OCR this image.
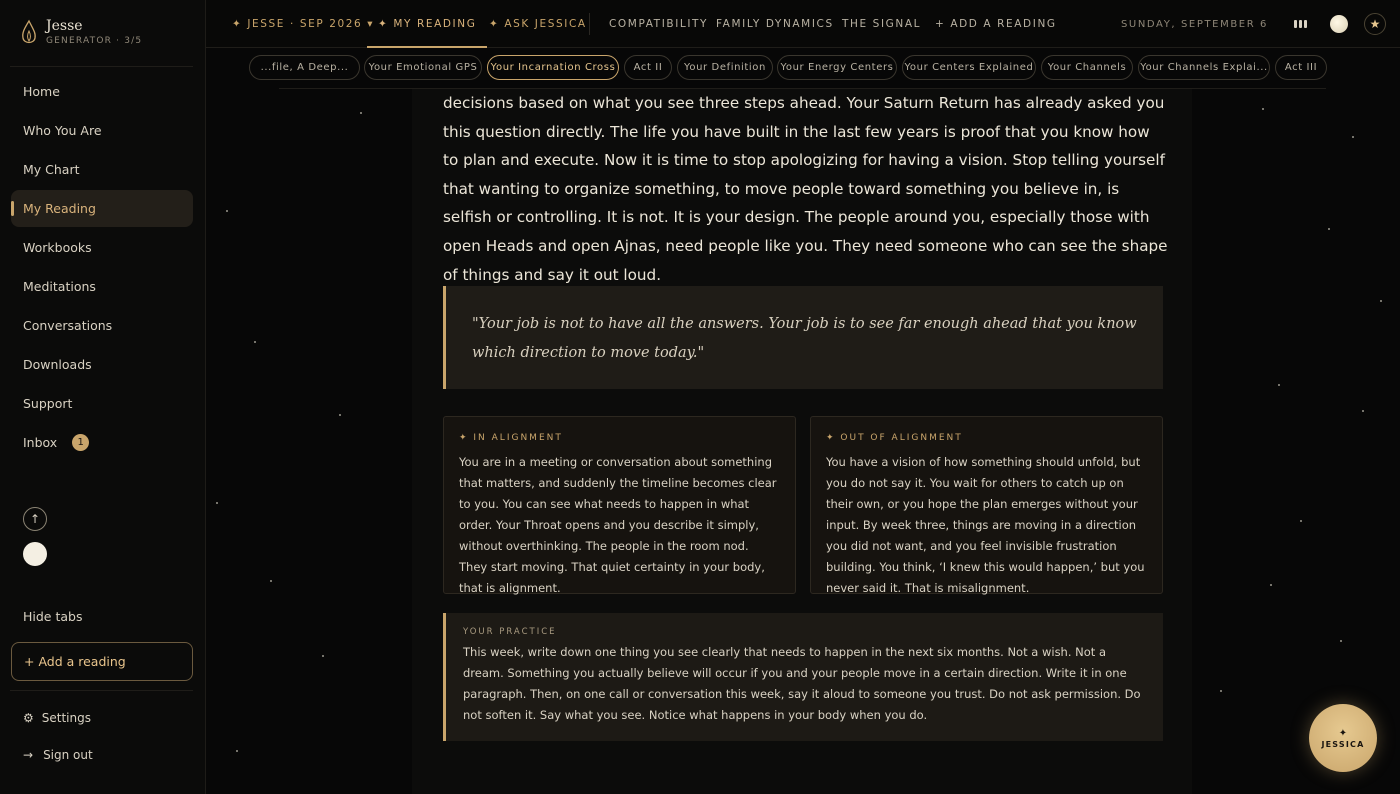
Jesse
GENERATOR · 3/5
Home
Who You Are
My Chart
My Reading
Workbooks
Meditations
Conversations
Downloads
Support
Inbox	1
↑
Hide tabs
+ Add a reading
⚙ Settings
→ Sign out
✦ JESSE · SEP 2026 ▾ ✦ MY READING ✦ ASK JESSICA COMPATIBILITY FAMILY DYNAMICS THE SIGNAL + ADD A READING	SUNDAY, SEPTEMBER 6	★
...file, A Deep...	Your Emotional GPS	Your Incarnation Cross	Act II	Your Definition	Your Energy Centers	Your Centers Explained	Your Channels	Your Channels Explai...	Act III

decisions based on what you see three steps ahead. Your Saturn Return has already asked you this question directly. The life you have built in the last few years is proof that you know how to plan and execute. Now it is time to stop apologizing for having a vision. Stop telling yourself that wanting to organize something, to move people toward something you believe in, is selfish or controlling. It is not. It is your design. The people around you, especially those with open Heads and open Ajnas, need people like you. They need someone who can see the shape of things and say it out loud.

"Your job is not to have all the answers. Your job is to see far enough ahead that you know which direction to move today."

✦ IN ALIGNMENT

You are in a meeting or conversation about something that matters, and suddenly the timeline becomes clear to you. You can see what needs to happen in what order. Your Throat opens and you describe it simply, without overthinking. The people in the room nod. They start moving. That quiet certainty in your body, that is alignment.

✦ OUT OF ALIGNMENT

You have a vision of how something should unfold, but you do not say it. You wait for others to catch up on their own, or you hope the plan emerges without your input. By week three, things are moving in a direction you did not want, and you feel invisible frustration building. You think, ‘I knew this would happen,’ but you never said it. That is misalignment.

YOUR PRACTICE

This week, write down one thing you see clearly that needs to happen in the next six months. Not a wish. Not a dream. Something you actually believe will occur if you and your people move in a certain direction. Write it in one paragraph. Then, on one call or conversation this week, say it aloud to someone you trust. Do not ask permission. Do not soften it. Say what you see. Notice what happens in your body when you do.

✦
JESSICA
